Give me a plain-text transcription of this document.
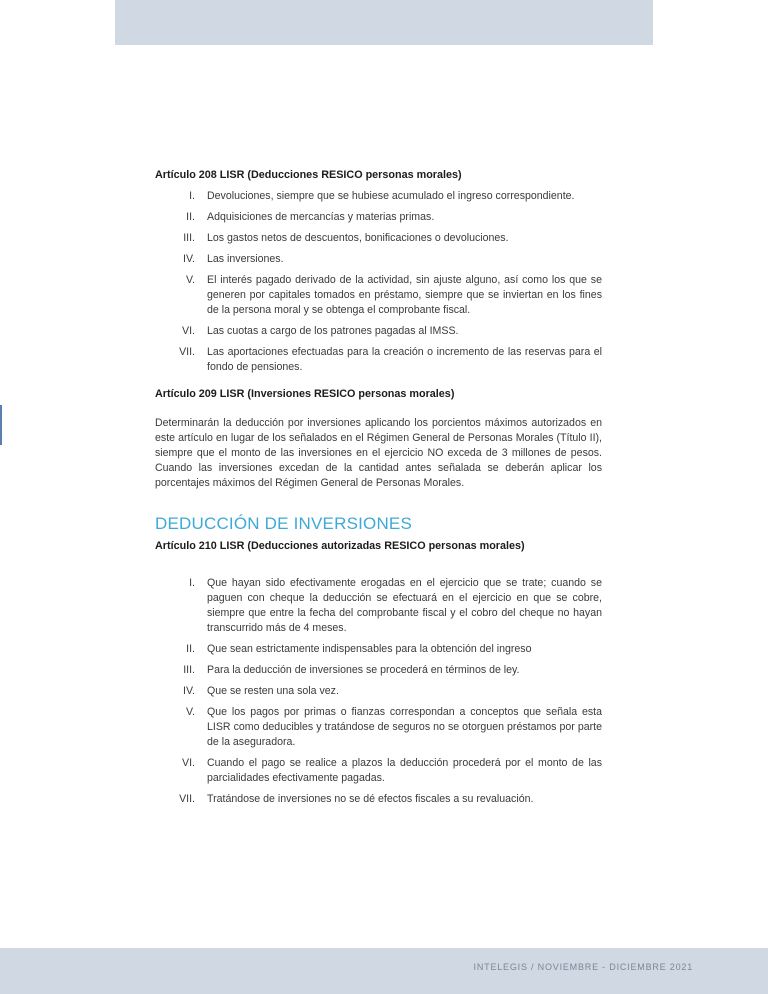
Artículo 208 LISR (Deducciones RESICO personas morales)

I. Devoluciones, siempre que se hubiese acumulado el ingreso correspondiente.
II. Adquisiciones de mercancías y materias primas.
III. Los gastos netos de descuentos, bonificaciones o devoluciones.
IV. Las inversiones.
V. El interés pagado derivado de la actividad, sin ajuste alguno, así como los que se generen por capitales tomados en préstamo, siempre que se inviertan en los fines de la persona moral y se obtenga el comprobante fiscal.
VI. Las cuotas a cargo de los patrones pagadas al IMSS.
VII. Las aportaciones efectuadas para la creación o incremento de las reservas para el fondo de pensiones.

Artículo 209 LISR (Inversiones RESICO personas morales)

Determinarán la deducción por inversiones aplicando los porcientos máximos autorizados en este artículo en lugar de los señalados en el Régimen General de Personas Morales (Título II), siempre que el monto de las inversiones en el ejercicio NO exceda de 3 millones de pesos. Cuando las inversiones excedan de la cantidad antes señalada se deberán aplicar los porcentajes máximos del Régimen General de Personas Morales.

DEDUCCIÓN DE INVERSIONES

Artículo 210 LISR (Deducciones autorizadas RESICO personas morales)

I. Que hayan sido efectivamente erogadas en el ejercicio que se trate; cuando se paguen con cheque la deducción se efectuará en el ejercicio en que se cobre, siempre que entre la fecha del comprobante fiscal y el cobro del cheque no hayan transcurrido más de 4 meses.
II. Que sean estrictamente indispensables para la obtención del ingreso
III. Para la deducción de inversiones se procederá en términos de ley.
IV. Que se resten una sola vez.
V. Que los pagos por primas o fianzas correspondan a conceptos que señala esta LISR como deducibles y tratándose de seguros no se otorguen préstamos por parte de la aseguradora.
VI. Cuando el pago se realice a plazos la deducción procederá por el monto de las parcialidades efectivamente pagadas.
VII. Tratándose de inversiones no se dé efectos fiscales a su revaluación.
INTELEGIS / NOVIEMBRE - DICIEMBRE 2021
